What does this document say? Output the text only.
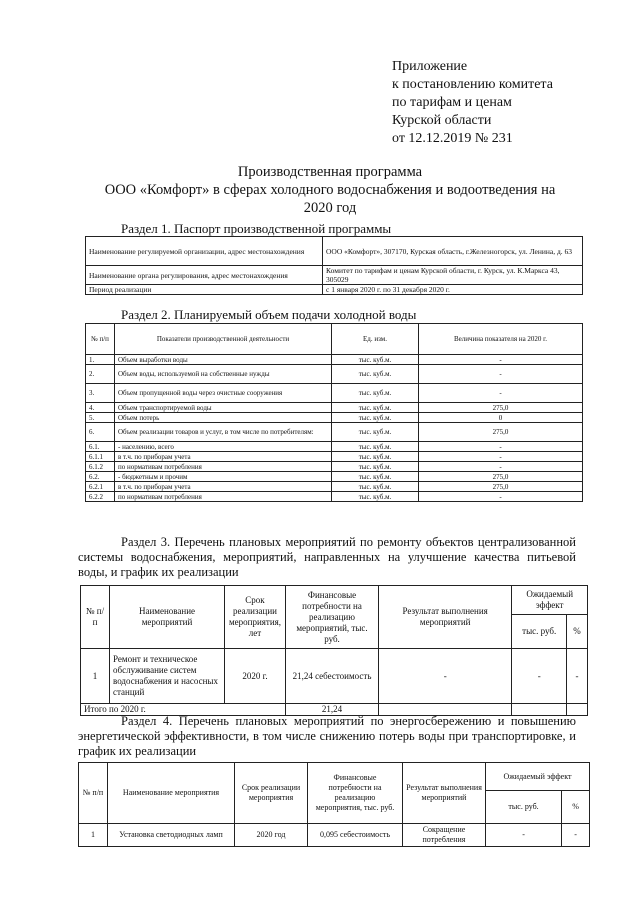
Приложение
к постановлению комитета
по тарифам и ценам
Курской области
от 12.12.2019 № 231
Производственная программа
ООО «Комфорт» в сферах холодного водоснабжения и водоотведения на
2020 год
Раздел 1. Паспорт производственной программы
Наименование регулируемой организации, адрес местонахождения	ООО «Комфорт», 307170, Курская область, г.Железногорск, ул. Ленина, д. 63
Наименование органа регулирования, адрес местонахождения	Комитет по тарифам и ценам Курской области, г. Курск, ул. К.Маркса 43, 305029
Период реализации	с 1 января 2020 г. по 31 декабря 2020 г.
Раздел 2. Планируемый объем подачи холодной воды
№ п/п	Показатели производственной деятельности	Ед. изм.	Величина показателя на 2020 г.
1.	Объем выработки воды	тыс. куб.м.	-
2.	Объем воды, используемой на собственные нужды	тыс. куб.м.	-
3.	Объем пропущенной воды через очистные сооружения	тыс. куб.м.	-
4.	Объем транспортируемой воды	тыс. куб.м.	275,0
5.	Объем потерь	тыс. куб.м.	0
6.	Объем реализации товаров и услуг, в том числе по потребителям:	тыс. куб.м.	275,0
6.1.	- населению, всего	тыс. куб.м.	-
6.1.1	в т.ч. по приборам учета	тыс. куб.м.	-
6.1.2	по нормативам потребления	тыс. куб.м.	-
6.2.	- бюджетным и прочим	тыс. куб.м.	275,0
6.2.1	в т.ч. по приборам учета	тыс. куб.м.	275,0
6.2.2	по нормативам потребления	тыс. куб.м.	-
Раздел 3. Перечень плановых мероприятий по ремонту объектов централизованной системы водоснабжения, мероприятий, направленных на улучшение качества питьевой воды, и график их реализации
№ п/п	Наименование мероприятий	Срок реализации мероприятия, лет	Финансовые потребности на реализацию мероприятий, тыс. руб.	Результат выполнения мероприятий	Ожидаемый эффект	
					тыс. руб.	%
1	Ремонт и техническое обслуживание систем водоснабжения и насосных станций	2020 г.	21,24 себестоимость	-	-	-
Итого по 2020 г.			21,24			
Раздел 4. Перечень плановых мероприятий по энергосбережению и повышению энергетической эффективности, в том числе снижению потерь воды при транспортировке, и график их реализации
№ п/п	Наименование мероприятия	Срок реализации мероприятия	Финансовые потребности на реализацию мероприятия, тыс. руб.	Результат выполнения мероприятий	Ожидаемый эффект	
					тыс. руб.	%
1	Установка светодиодных ламп	2020 год	0,095 себестоимость	Сокращение потребления	-	-
